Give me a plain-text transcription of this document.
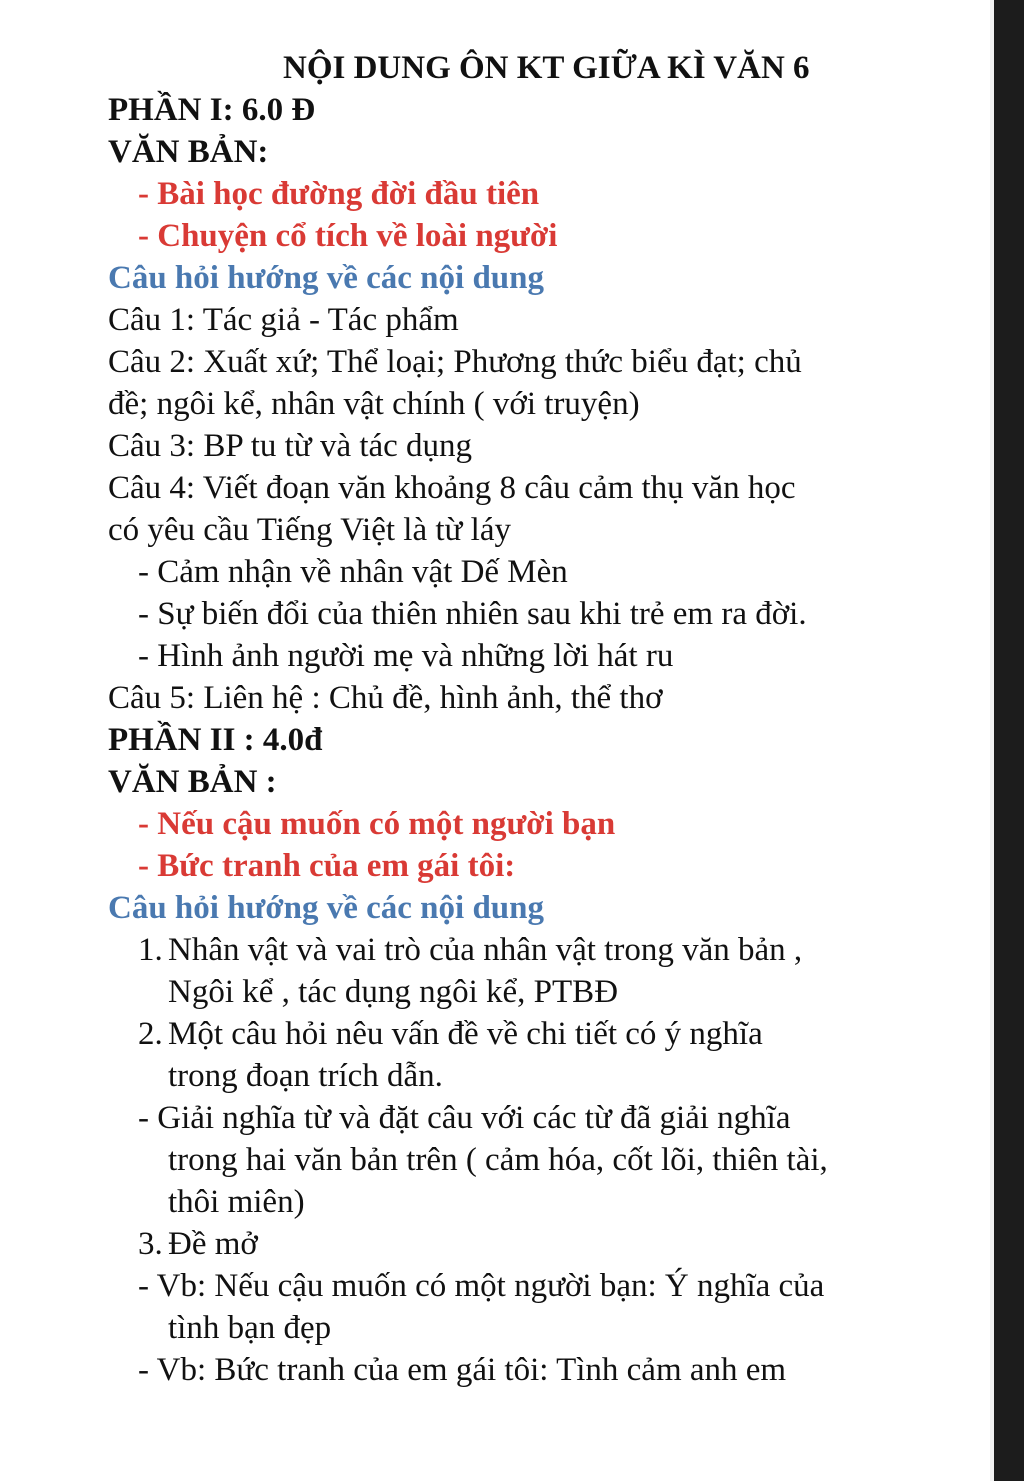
NỘI DUNG ÔN KT GIỮA KÌ VĂN 6
PHẦN I: 6.0 Đ
VĂN BẢN:
- Bài học đường đời đầu tiên
- Chuyện cổ tích về loài người
Câu hỏi hướng về các nội dung
Câu 1: Tác giả - Tác phẩm
Câu 2: Xuất xứ; Thể loại; Phương thức biểu đạt; chủ
đề; ngôi kể, nhân vật chính ( với truyện)
Câu 3: BP tu từ và tác dụng
Câu 4: Viết đoạn văn khoảng 8 câu cảm thụ văn học
có yêu cầu Tiếng Việt là từ láy
- Cảm nhận về nhân vật Dế Mèn
- Sự biến đổi của thiên nhiên sau khi trẻ em ra đời.
- Hình ảnh người mẹ và những lời hát ru
Câu 5: Liên hệ : Chủ đề, hình ảnh, thể thơ
PHẦN II : 4.0đ
VĂN BẢN :
- Nếu cậu muốn có một người bạn
- Bức tranh của em gái tôi:
Câu hỏi hướng về các nội dung
1. Nhân vật và vai trò của nhân vật trong văn bản ,
Ngôi kể , tác dụng ngôi kể, PTBĐ
2. Một câu hỏi nêu vấn đề về chi tiết có ý nghĩa
trong đoạn trích dẫn.
- Giải nghĩa từ và đặt câu với các từ đã giải nghĩa
trong hai văn bản trên ( cảm hóa, cốt lõi, thiên tài,
thôi miên)
3. Đề mở
- Vb: Nếu cậu muốn có một người bạn: Ý nghĩa của
tình bạn đẹp
- Vb: Bức tranh của em gái tôi: Tình cảm anh em
